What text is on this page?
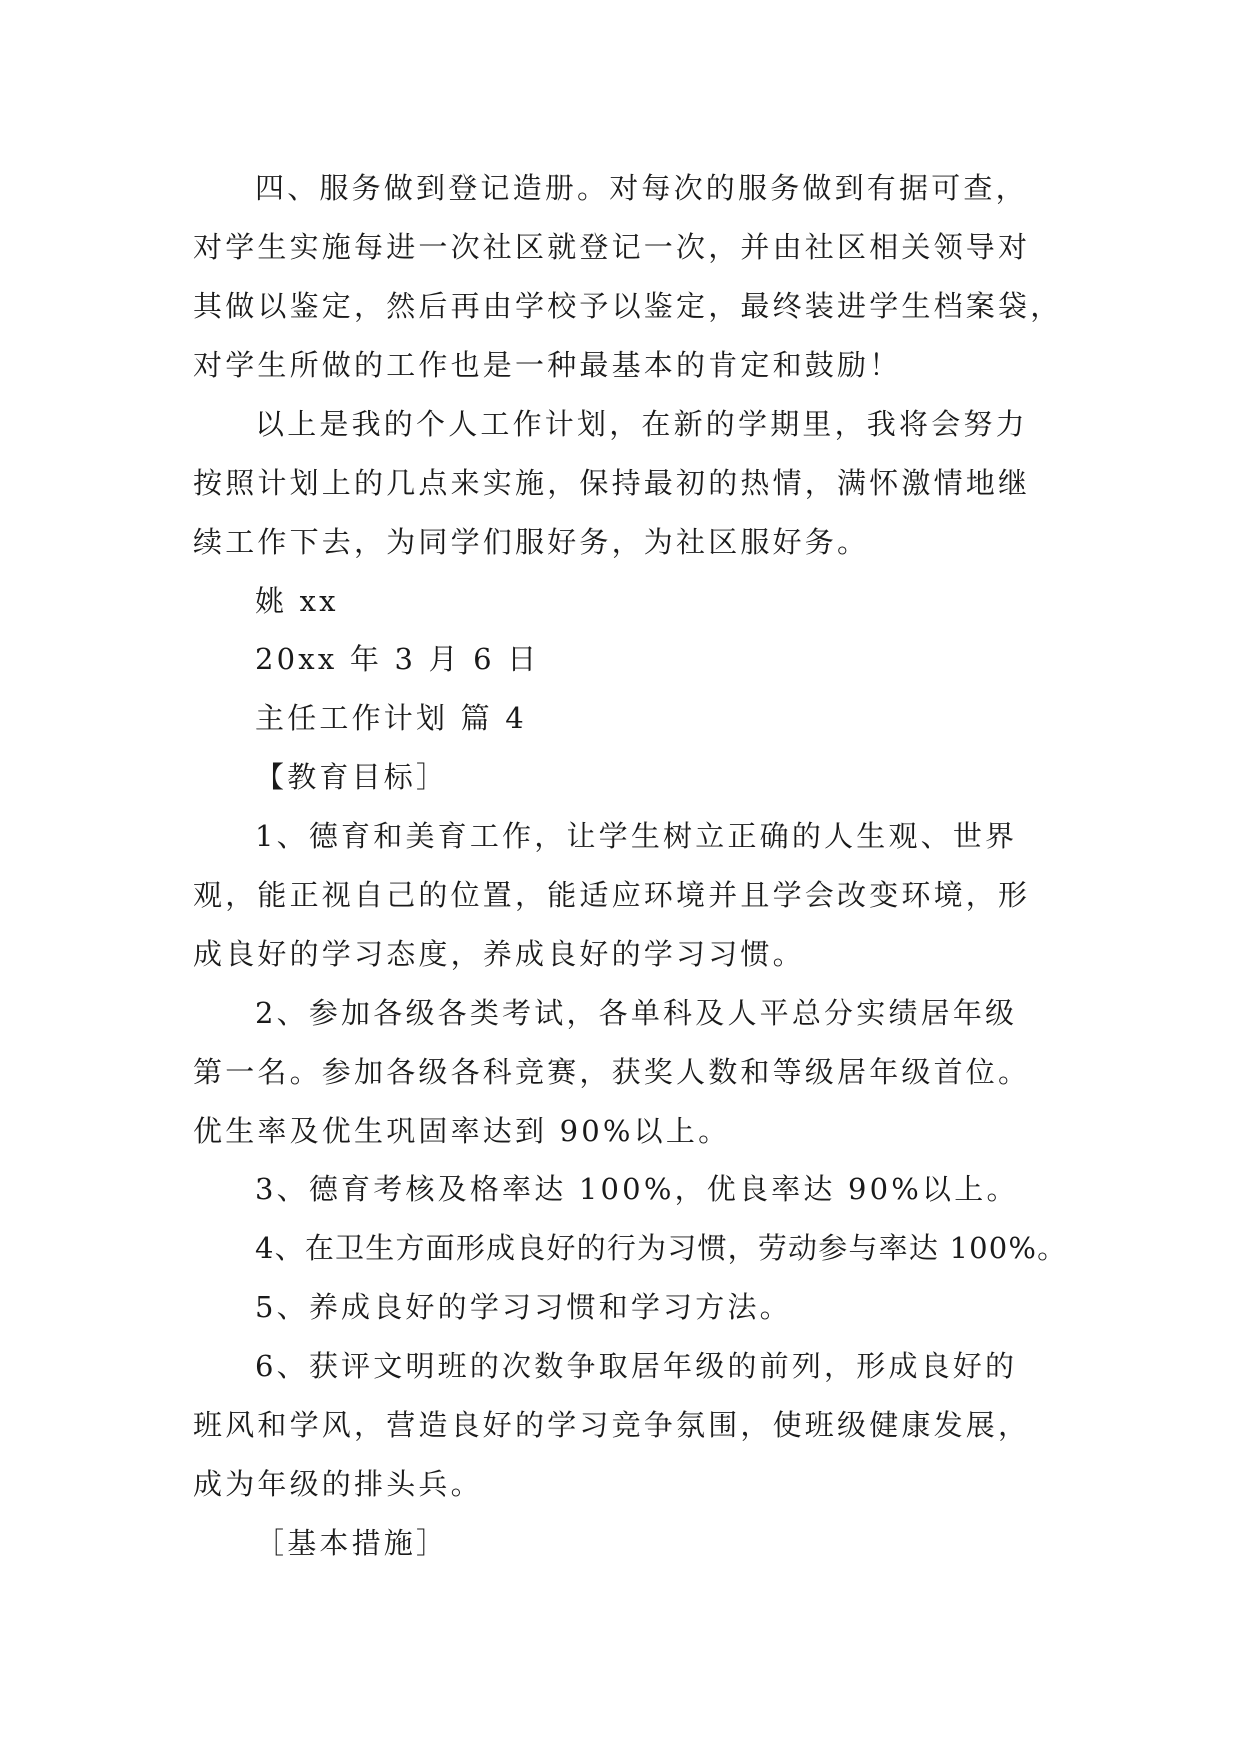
四、服务做到登记造册。对每次的服务做到有据可查，
对学生实施每进一次社区就登记一次，并由社区相关领导对
其做以鉴定，然后再由学校予以鉴定，最终装进学生档案袋，
对学生所做的工作也是一种最基本的肯定和鼓励！
以上是我的个人工作计划，在新的学期里，我将会努力
按照计划上的几点来实施，保持最初的热情，满怀激情地继
续工作下去，为同学们服好务，为社区服好务。
姚 xx
20xx 年 3 月 6 日
主任工作计划 篇 4
【教育目标］
1、德育和美育工作，让学生树立正确的人生观、世界
观，能正视自己的位置，能适应环境并且学会改变环境，形
成良好的学习态度，养成良好的学习习惯。
2、参加各级各类考试，各单科及人平总分实绩居年级
第一名。参加各级各科竞赛，获奖人数和等级居年级首位。
优生率及优生巩固率达到 90%以上。
3、德育考核及格率达 100%，优良率达 90%以上。
4、在卫生方面形成良好的行为习惯，劳动参与率达 100%。
5、养成良好的学习习惯和学习方法。
6、获评文明班的次数争取居年级的前列，形成良好的
班风和学风，营造良好的学习竞争氛围，使班级健康发展，
成为年级的排头兵。
［基本措施］
